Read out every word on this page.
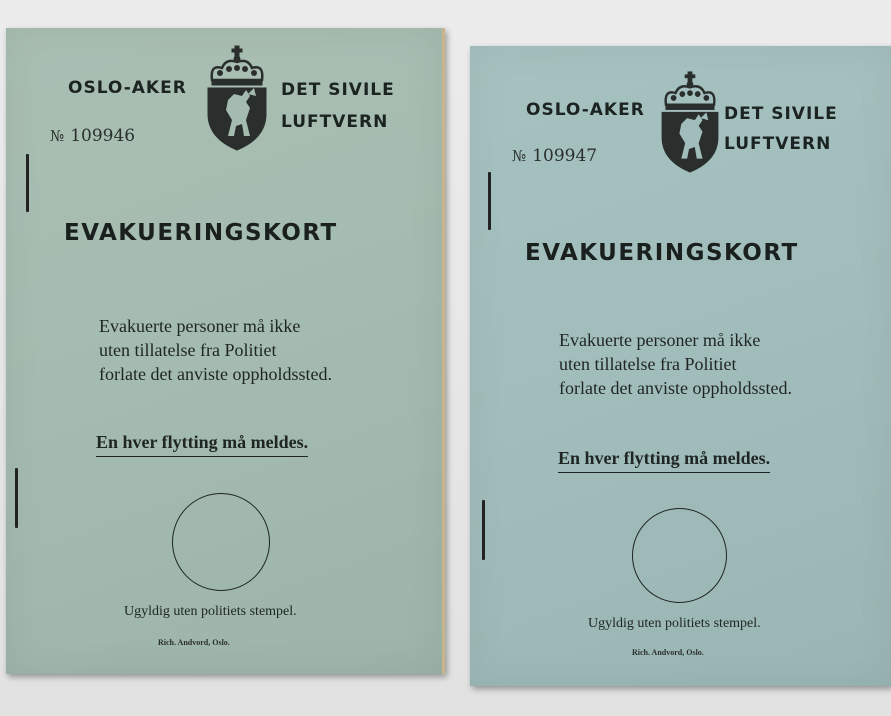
OSLO-AKER	DET SIVILE
LUFTVERN
№ 109946
EVAKUERINGSKORT
Evakuerte personer må ikke
uten tillatelse fra Politiet
forlate det anviste oppholdssted.
En hver flytting må meldes.
Ugyldig uten politiets stempel.
Rich. Andvord, Oslo.
OSLO-AKER	DET SIVILE
LUFTVERN
№ 109947
EVAKUERINGSKORT
Evakuerte personer må ikke
uten tillatelse fra Politiet
forlate det anviste oppholdssted.
En hver flytting må meldes.
Ugyldig uten politiets stempel.
Rich. Andvord, Oslo.
